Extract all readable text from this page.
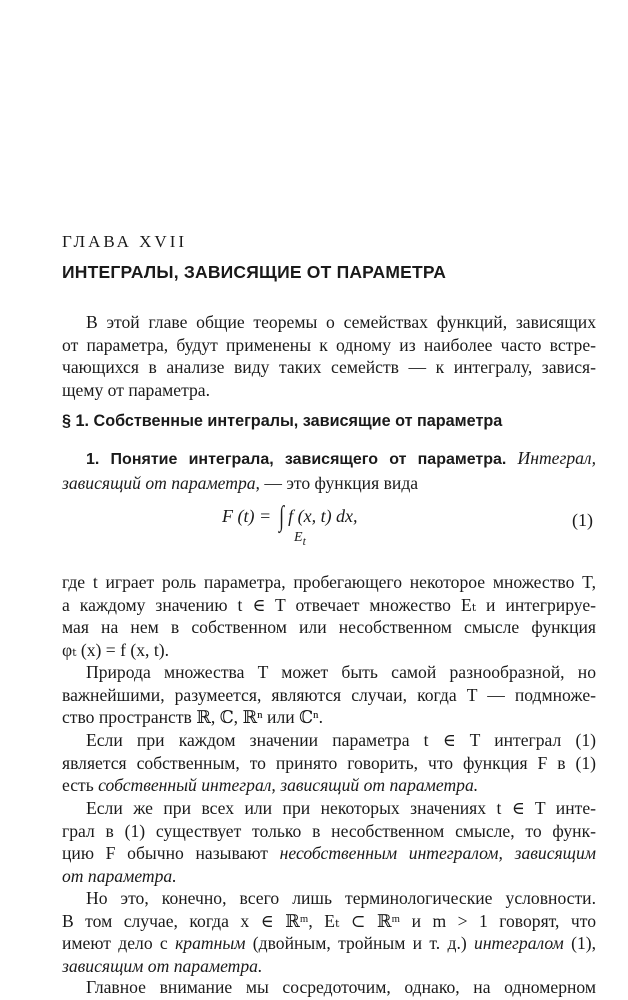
ГЛАВА XVII
ИНТЕГРАЛЫ, ЗАВИСЯЩИЕ ОТ ПАРАМЕТРА
В этой главе общие теоремы о семействах функций, зависящих
от параметра, будут применены к одному из наиболее часто встре-
чающихся в анализе виду таких семейств — к интегралу, завися-
щему от параметра.
§ 1. Собственные интегралы, зависящие от параметра
1. Понятие интеграла, зависящего от параметра. Интеграл,
зависящий от параметра, — это функция вида
F (t) = ∫ f (x, t) dx,
$E_t$
(1)
где t играет роль параметра, пробегающего некоторое множество T,
а каждому значению t ∈ T отвечает множество Eₜ и интегрируе-
мая на нем в собственном или несобственном смысле функция
φₜ (x) = f (x, t).
Природа множества T может быть самой разнообразной, но
важнейшими, разумеется, являются случаи, когда T — подмноже-
ство пространств ℝ, ℂ, ℝⁿ или ℂⁿ.
Если при каждом значении параметра t ∈ T интеграл (1)
является собственным, то принято говорить, что функция F в (1)
есть собственный интеграл, зависящий от параметра.
Если же при всех или при некоторых значениях t ∈ T инте-
грал в (1) существует только в несобственном смысле, то функ-
цию F обычно называют несобственным интегралом, зависящим
от параметра.
Но это, конечно, всего лишь терминологические условности.
В том случае, когда x ∈ ℝᵐ, Eₜ ⊂ ℝᵐ и m > 1 говорят, что
имеют дело с кратным (двойным, тройным и т. д.) интегралом (1),
зависящим от параметра.
Главное внимание мы сосредоточим, однако, на одномерном
